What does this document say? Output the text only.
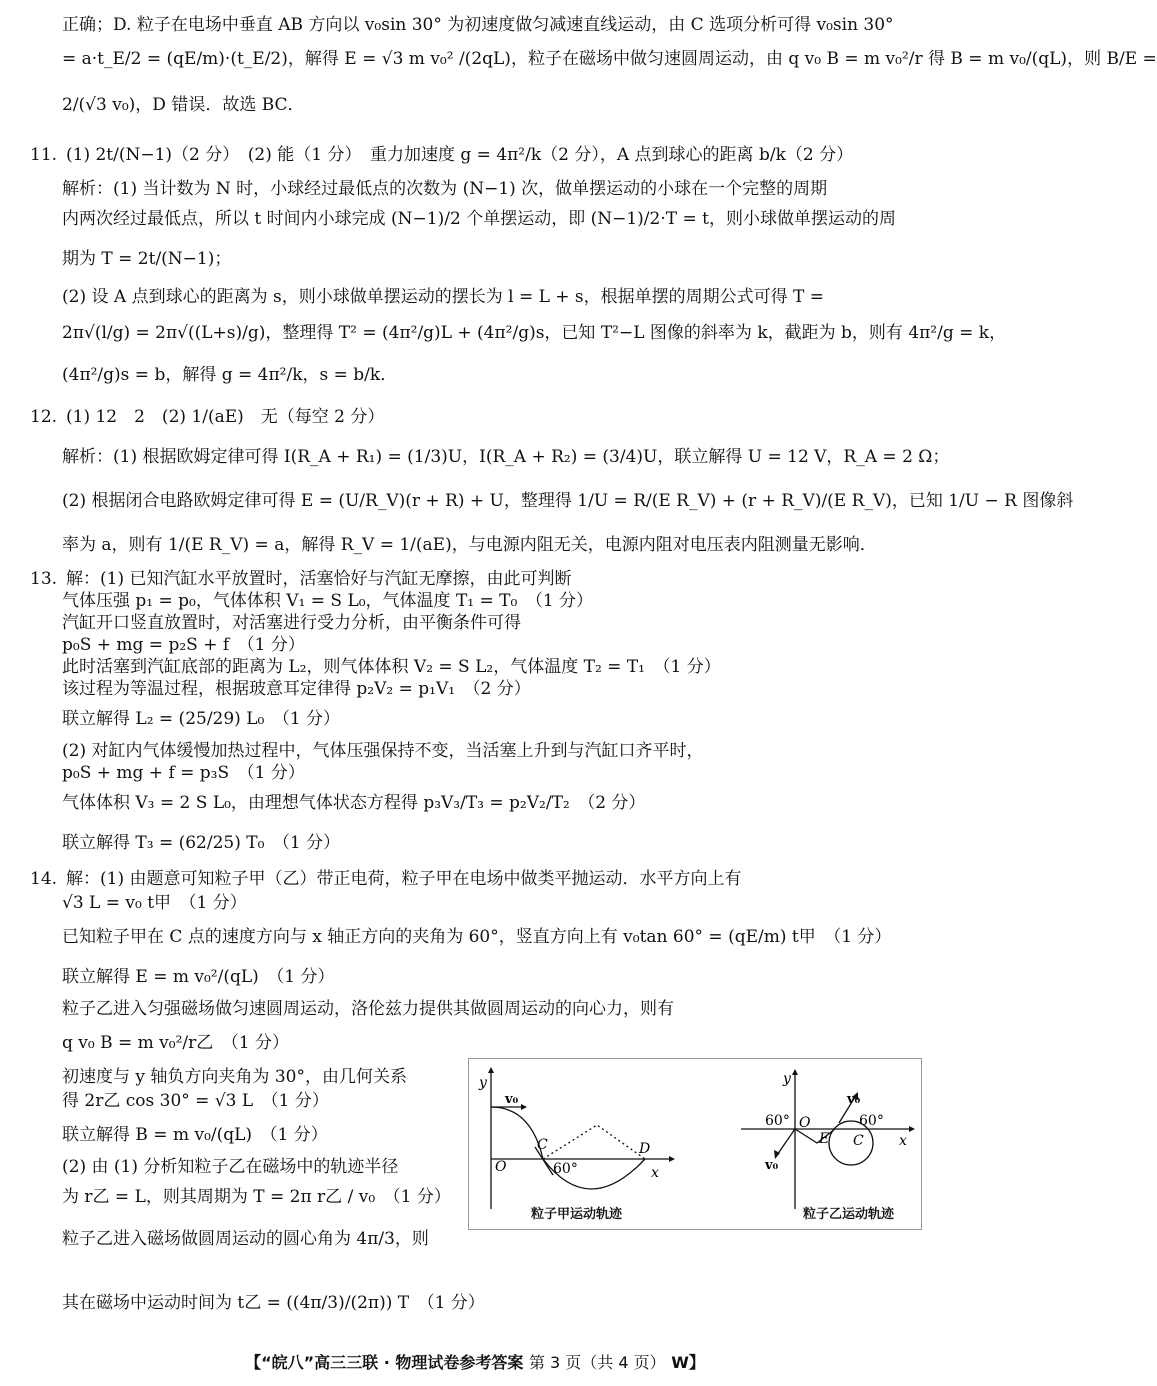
正确；D. 粒子在电场中垂直 AB 方向以 v₀sin 30° 为初速度做匀减速直线运动，由 C 选项分析可得 v₀sin 30°
= a·t_E/2 = (qE/m)·(t_E/2)，解得 E = √3 m v₀² /(2qL)，粒子在磁场中做匀速圆周运动，由 q v₀ B = m v₀²/r 得 B = m v₀/(qL)，则 B/E =
2/(√3 v₀)，D 错误．故选 BC．
11. (1) 2t/(N−1)（2 分）　(2) 能（1 分）　重力加速度 g = 4π²/k（2 分），A 点到球心的距离 b/k（2 分）
解析：(1) 当计数为 N 时，小球经过最低点的次数为 (N−1) 次，做单摆运动的小球在一个完整的周期
内两次经过最低点，所以 t 时间内小球完成 (N−1)/2 个单摆运动，即 (N−1)/2·T = t，则小球做单摆运动的周
期为 T = 2t/(N−1)；
(2) 设 A 点到球心的距离为 s，则小球做单摆运动的摆长为 l = L + s，根据单摆的周期公式可得 T =
2π√(l/g) = 2π√((L+s)/g)，整理得 T² = (4π²/g)L + (4π²/g)s，已知 T²−L 图像的斜率为 k，截距为 b，则有 4π²/g = k，
(4π²/g)s = b，解得 g = 4π²/k，s = b/k．
12. (1) 12　2　(2) 1/(aE)　无（每空 2 分）
解析：(1) 根据欧姆定律可得 I(R_A + R₁) = (1/3)U，I(R_A + R₂) = (3/4)U，联立解得 U = 12 V，R_A = 2 Ω；
(2) 根据闭合电路欧姆定律可得 E = (U/R_V)(r + R) + U，整理得 1/U = R/(E R_V) + (r + R_V)/(E R_V)，已知 1/U − R 图像斜
率为 a，则有 1/(E R_V) = a，解得 R_V = 1/(aE)，与电源内阻无关，电源内阻对电压表内阻测量无影响．
13. 解：(1) 已知汽缸水平放置时，活塞恰好与汽缸无摩擦，由此可判断
气体压强 p₁ = p₀，气体体积 V₁ = S L₀，气体温度 T₁ = T₀　（1 分）
汽缸开口竖直放置时，对活塞进行受力分析，由平衡条件可得
p₀S + mg = p₂S + f　（1 分）
此时活塞到汽缸底部的距离为 L₂，则气体体积 V₂ = S L₂，气体温度 T₂ = T₁　（1 分）
该过程为等温过程，根据玻意耳定律得 p₂V₂ = p₁V₁　（2 分）
联立解得 L₂ = (25/29) L₀　（1 分）
(2) 对缸内气体缓慢加热过程中，气体压强保持不变，当活塞上升到与汽缸口齐平时，
p₀S + mg + f = p₃S　（1 分）
气体体积 V₃ = 2 S L₀，由理想气体状态方程得 p₃V₃/T₃ = p₂V₂/T₂　（2 分）
联立解得 T₃ = (62/25) T₀　（1 分）
14. 解：(1) 由题意可知粒子甲（乙）带正电荷，粒子甲在电场中做类平抛运动．水平方向上有
√3 L = v₀ t甲　（1 分）
已知粒子甲在 C 点的速度方向与 x 轴正方向的夹角为 60°，竖直方向上有 v₀tan 60° = (qE/m) t甲　（1 分）
联立解得 E = m v₀²/(qL)　（1 分）
粒子乙进入匀强磁场做匀速圆周运动，洛伦兹力提供其做圆周运动的向心力，则有
q v₀ B = m v₀²/r乙　（1 分）
初速度与 y 轴负方向夹角为 30°，由几何关系
得 2r乙 cos 30° = √3 L　（1 分）
联立解得 B = m v₀/(qL)　（1 分）
(2) 由 (1) 分析知粒子乙在磁场中的轨迹半径
为 r乙 = L，则其周期为 T = 2π r乙 / v₀　（1 分）
粒子乙进入磁场做圆周运动的圆心角为 4π/3，则
其在磁场中运动时间为 t乙 = ((4π/3)/(2π)) T　（1 分）
y
x
O
v₀
C	D
60°
y
x
O
v₀
v₀
E C
60°	60°
粒子甲运动轨迹	粒子乙运动轨迹
【“皖八”高三三联 · 物理试卷参考答案 第 3 页（共 4 页） W】
